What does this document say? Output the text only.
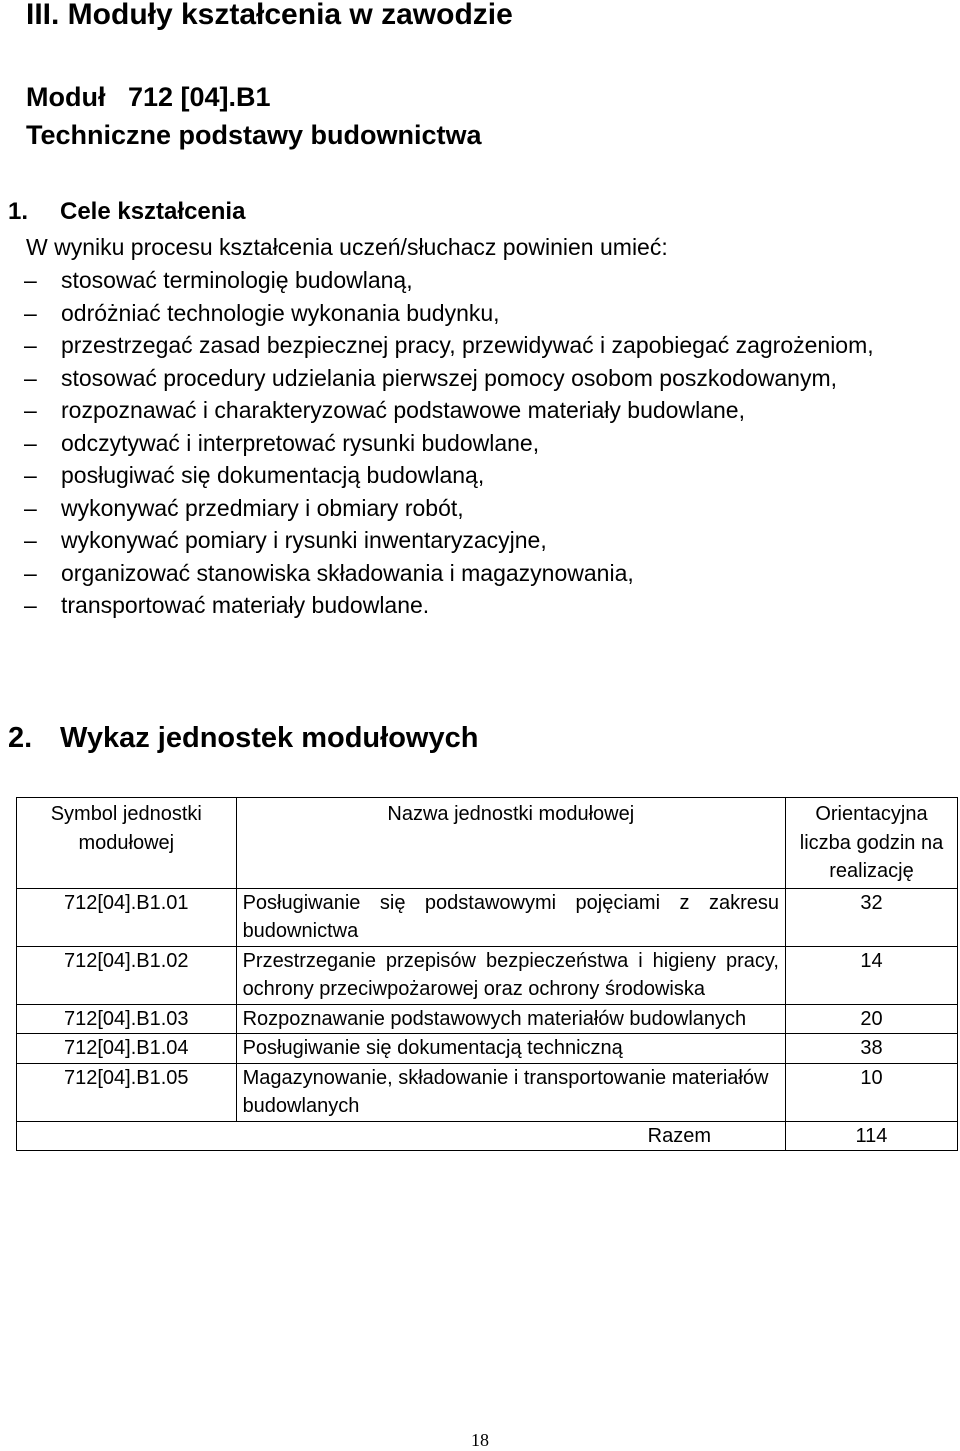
III. Moduły kształcenia w zawodzie
Moduł   712 [04].B1
Techniczne podstawy budownictwa
1. Cele kształcenia
W wyniku procesu kształcenia uczeń/słuchacz powinien umieć:
– stosować terminologię budowlaną,
– odróżniać technologie wykonania budynku,
– przestrzegać zasad bezpiecznej pracy, przewidywać i zapobiegać zagrożeniom,
– stosować procedury udzielania pierwszej pomocy osobom poszkodowanym,
– rozpoznawać i charakteryzować podstawowe materiały budowlane,
– odczytywać i interpretować rysunki budowlane,
– posługiwać się dokumentacją budowlaną,
– wykonywać przedmiary i obmiary robót,
– wykonywać pomiary i rysunki inwentaryzacyjne,
– organizować stanowiska składowania i magazynowania,
– transportować materiały budowlane.
2. Wykaz jednostek modułowych
Symbol jednostki modułowej	Nazwa jednostki modułowej	Orientacyjna liczba godzin na realizację
712[04].B1.01	Posługiwanie się podstawowymi pojęciami z zakresu budownictwa	32
712[04].B1.02	Przestrzeganie przepisów bezpieczeństwa i higieny pracy, ochrony przeciwpożarowej oraz ochrony środowiska	14
712[04].B1.03	Rozpoznawanie podstawowych materiałów budowlanych	20
712[04].B1.04	Posługiwanie się dokumentacją techniczną	38
712[04].B1.05	Magazynowanie, składowanie i transportowanie materiałów budowlanych	10
Razem		114
18
